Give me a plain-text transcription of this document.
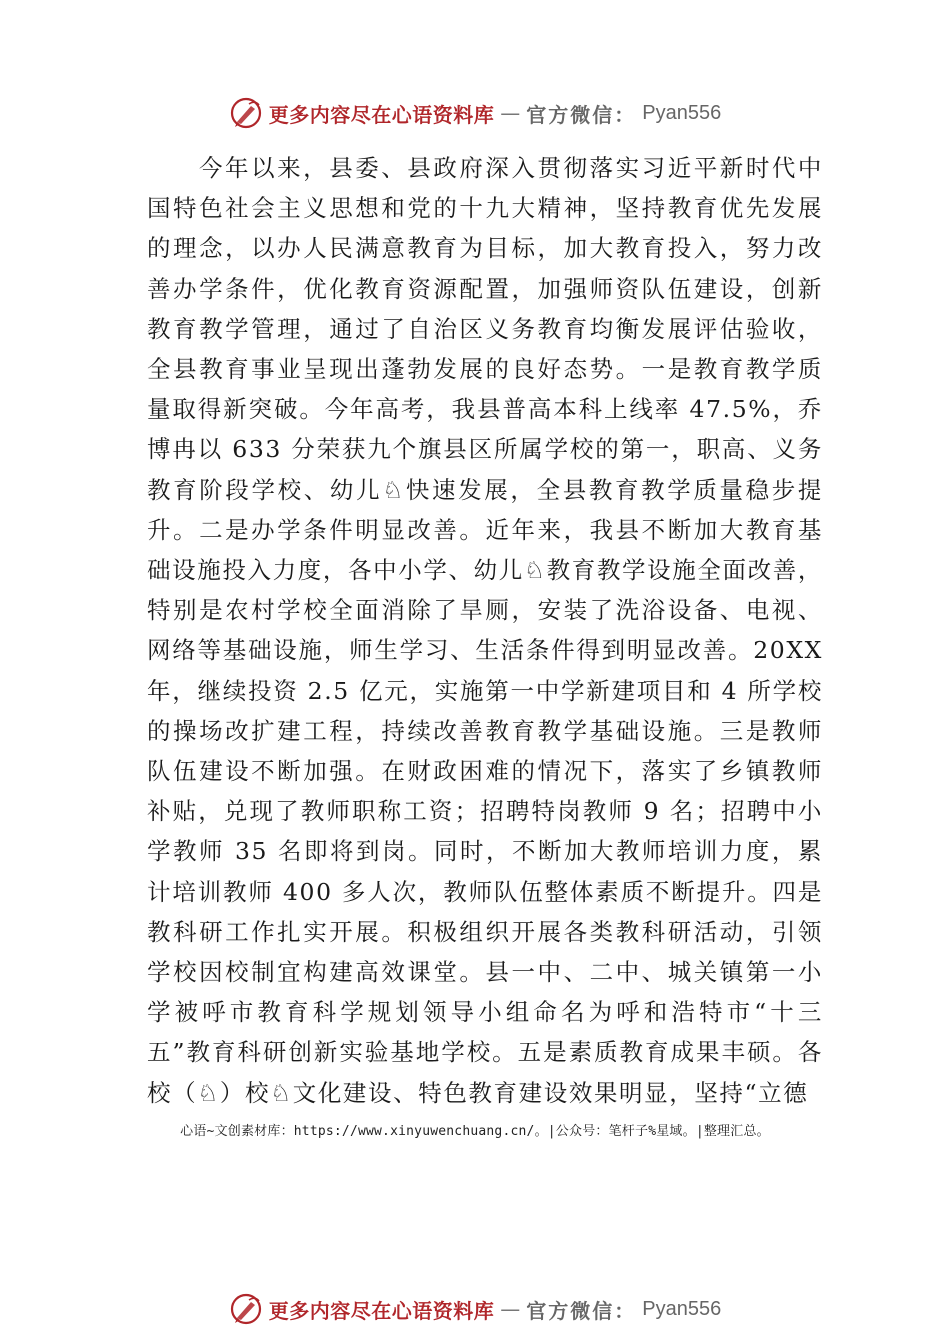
更多内容尽在心语资料库 — 官方微信： Pyan556

今年以来，县委、县政府深入贯彻落实习近平新时代中国特色社会主义思想和党的十九大精神，坚持教育优先发展的理念，以办人民满意教育为目标，加大教育投入，努力改善办学条件，优化教育资源配置，加强师资队伍建设，创新教育教学管理，通过了自治区义务教育均衡发展评估验收，全县教育事业呈现出蓬勃发展的良好态势。一是教育教学质量取得新突破。今年高考，我县普高本科上线率 47.5%，乔博冉以 633 分荣获九个旗县区所属学校的第一，职高、义务教育阶段学校、幼儿♘快速发展，全县教育教学质量稳步提升。二是办学条件明显改善。近年来，我县不断加大教育基础设施投入力度，各中小学、幼儿♘教育教学设施全面改善，特别是农村学校全面消除了旱厕，安装了洗浴设备、电视、网络等基础设施，师生学习、生活条件得到明显改善。20XX年，继续投资 2.5 亿元，实施第一中学新建项目和 4 所学校的操场改扩建工程，持续改善教育教学基础设施。三是教师队伍建设不断加强。在财政困难的情况下，落实了乡镇教师补贴，兑现了教师职称工资；招聘特岗教师 9 名；招聘中小学教师 35 名即将到岗。同时，不断加大教师培训力度，累计培训教师 400 多人次，教师队伍整体素质不断提升。四是教科研工作扎实开展。积极组织开展各类教科研活动，引领学校因校制宜构建高效课堂。县一中、二中、城关镇第一小学被呼市教育科学规划领导小组命名为呼和浩特市“十三五”教育科研创新实验基地学校。五是素质教育成果丰硕。各校（♘）校♘文化建设、特色教育建设效果明显，坚持“立德

心语~文创素材库：https://www.xinyuwenchuang.cn/。|公众号：笔杆子%星域。|整理汇总。

更多内容尽在心语资料库 — 官方微信： Pyan556
